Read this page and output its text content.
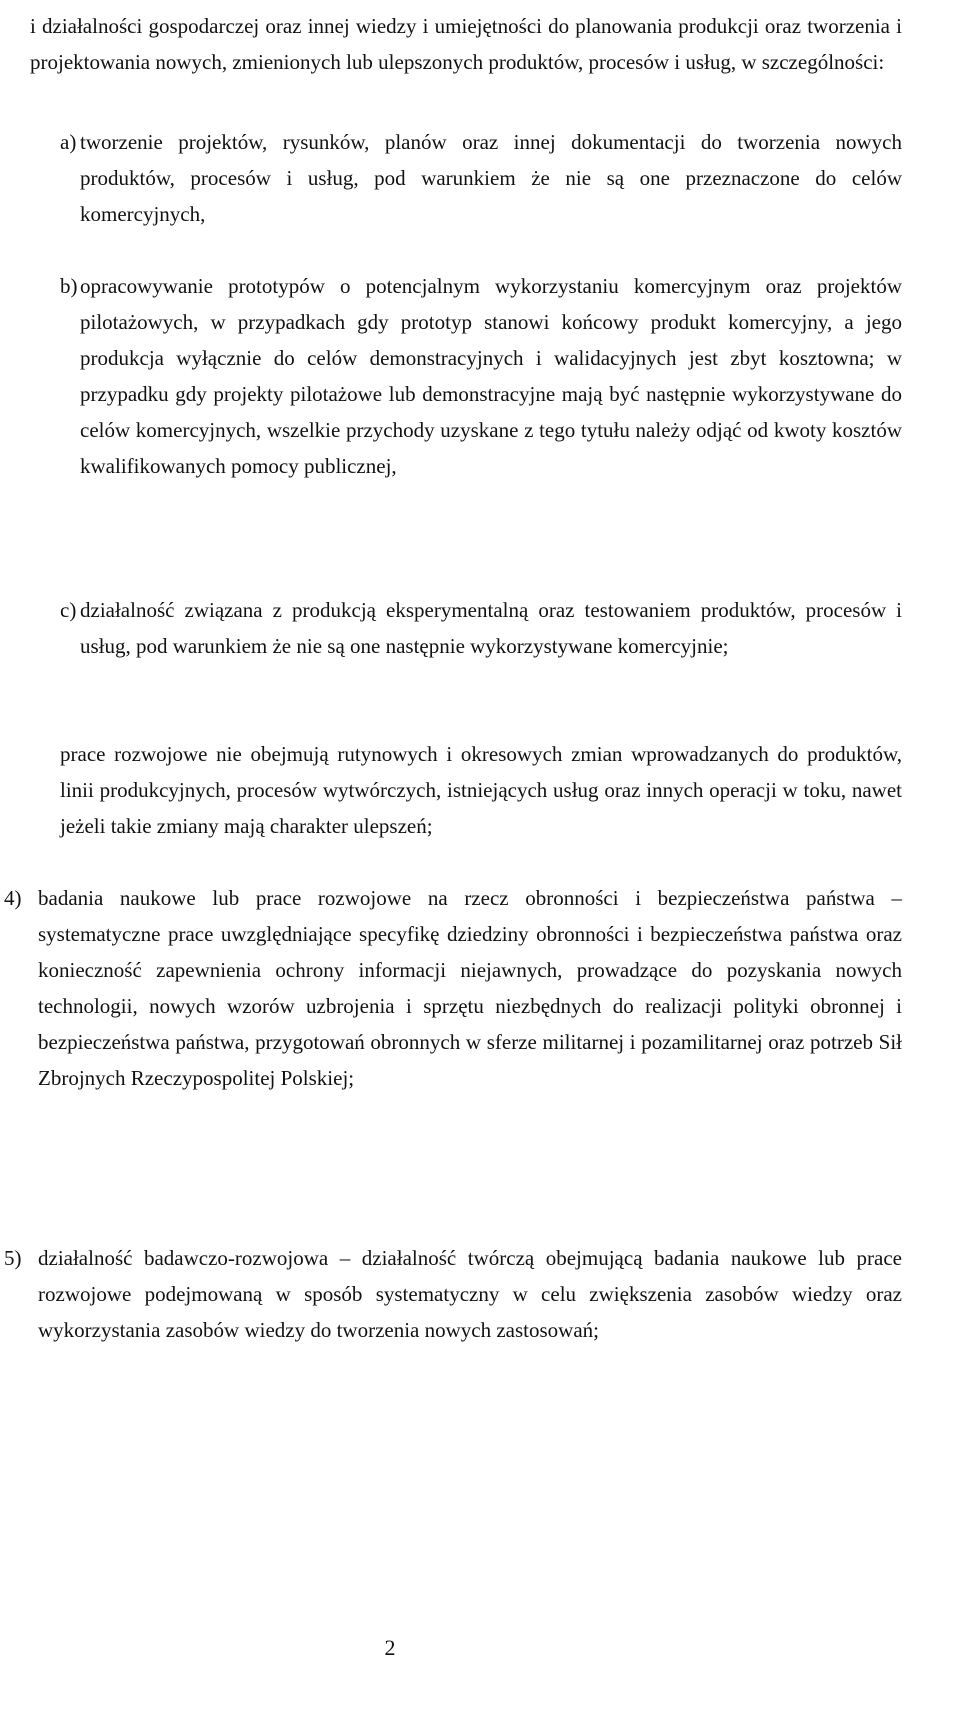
i działalności gospodarczej oraz innej wiedzy i umiejętności do planowania produkcji oraz tworzenia i projektowania nowych, zmienionych lub ulepszonych produktów, procesów i usług, w szczególności:

a) tworzenie projektów, rysunków, planów oraz innej dokumentacji do tworzenia nowych produktów, procesów i usług, pod warunkiem że nie są one przeznaczone do celów komercyjnych,
b) opracowywanie prototypów o potencjalnym wykorzystaniu komercyjnym oraz projektów pilotażowych, w przypadkach gdy prototyp stanowi końcowy produkt komercyjny, a jego produkcja wyłącznie do celów demonstracyjnych i walidacyjnych jest zbyt kosztowna; w przypadku gdy projekty pilotażowe lub demonstracyjne mają być następnie wykorzystywane do celów komercyjnych, wszelkie przychody uzyskane z tego tytułu należy odjąć od kwoty kosztów kwalifikowanych pomocy publicznej,
c) działalność związana z produkcją eksperymentalną oraz testowaniem produktów, procesów i usług, pod warunkiem że nie są one następnie wykorzystywane komercyjnie;

prace rozwojowe nie obejmują rutynowych i okresowych zmian wprowadzanych do produktów, linii produkcyjnych, procesów wytwórczych, istniejących usług oraz innych operacji w toku, nawet jeżeli takie zmiany mają charakter ulepszeń;

4) badania naukowe lub prace rozwojowe na rzecz obronności i bezpieczeństwa państwa – systematyczne prace uwzględniające specyfikę dziedziny obronności i bezpieczeństwa państwa oraz konieczność zapewnienia ochrony informacji niejawnych, prowadzące do pozyskania nowych technologii, nowych wzorów uzbrojenia i sprzętu niezbędnych do realizacji polityki obronnej i bezpieczeństwa państwa, przygotowań obronnych w sferze militarnej i pozamilitarnej oraz potrzeb Sił Zbrojnych Rzeczypospolitej Polskiej;
5) działalność badawczo-rozwojowa – działalność twórczą obejmującą badania naukowe lub prace rozwojowe podejmowaną w sposób systematyczny w celu zwiększenia zasobów wiedzy oraz wykorzystania zasobów wiedzy do tworzenia nowych zastosowań;
2
